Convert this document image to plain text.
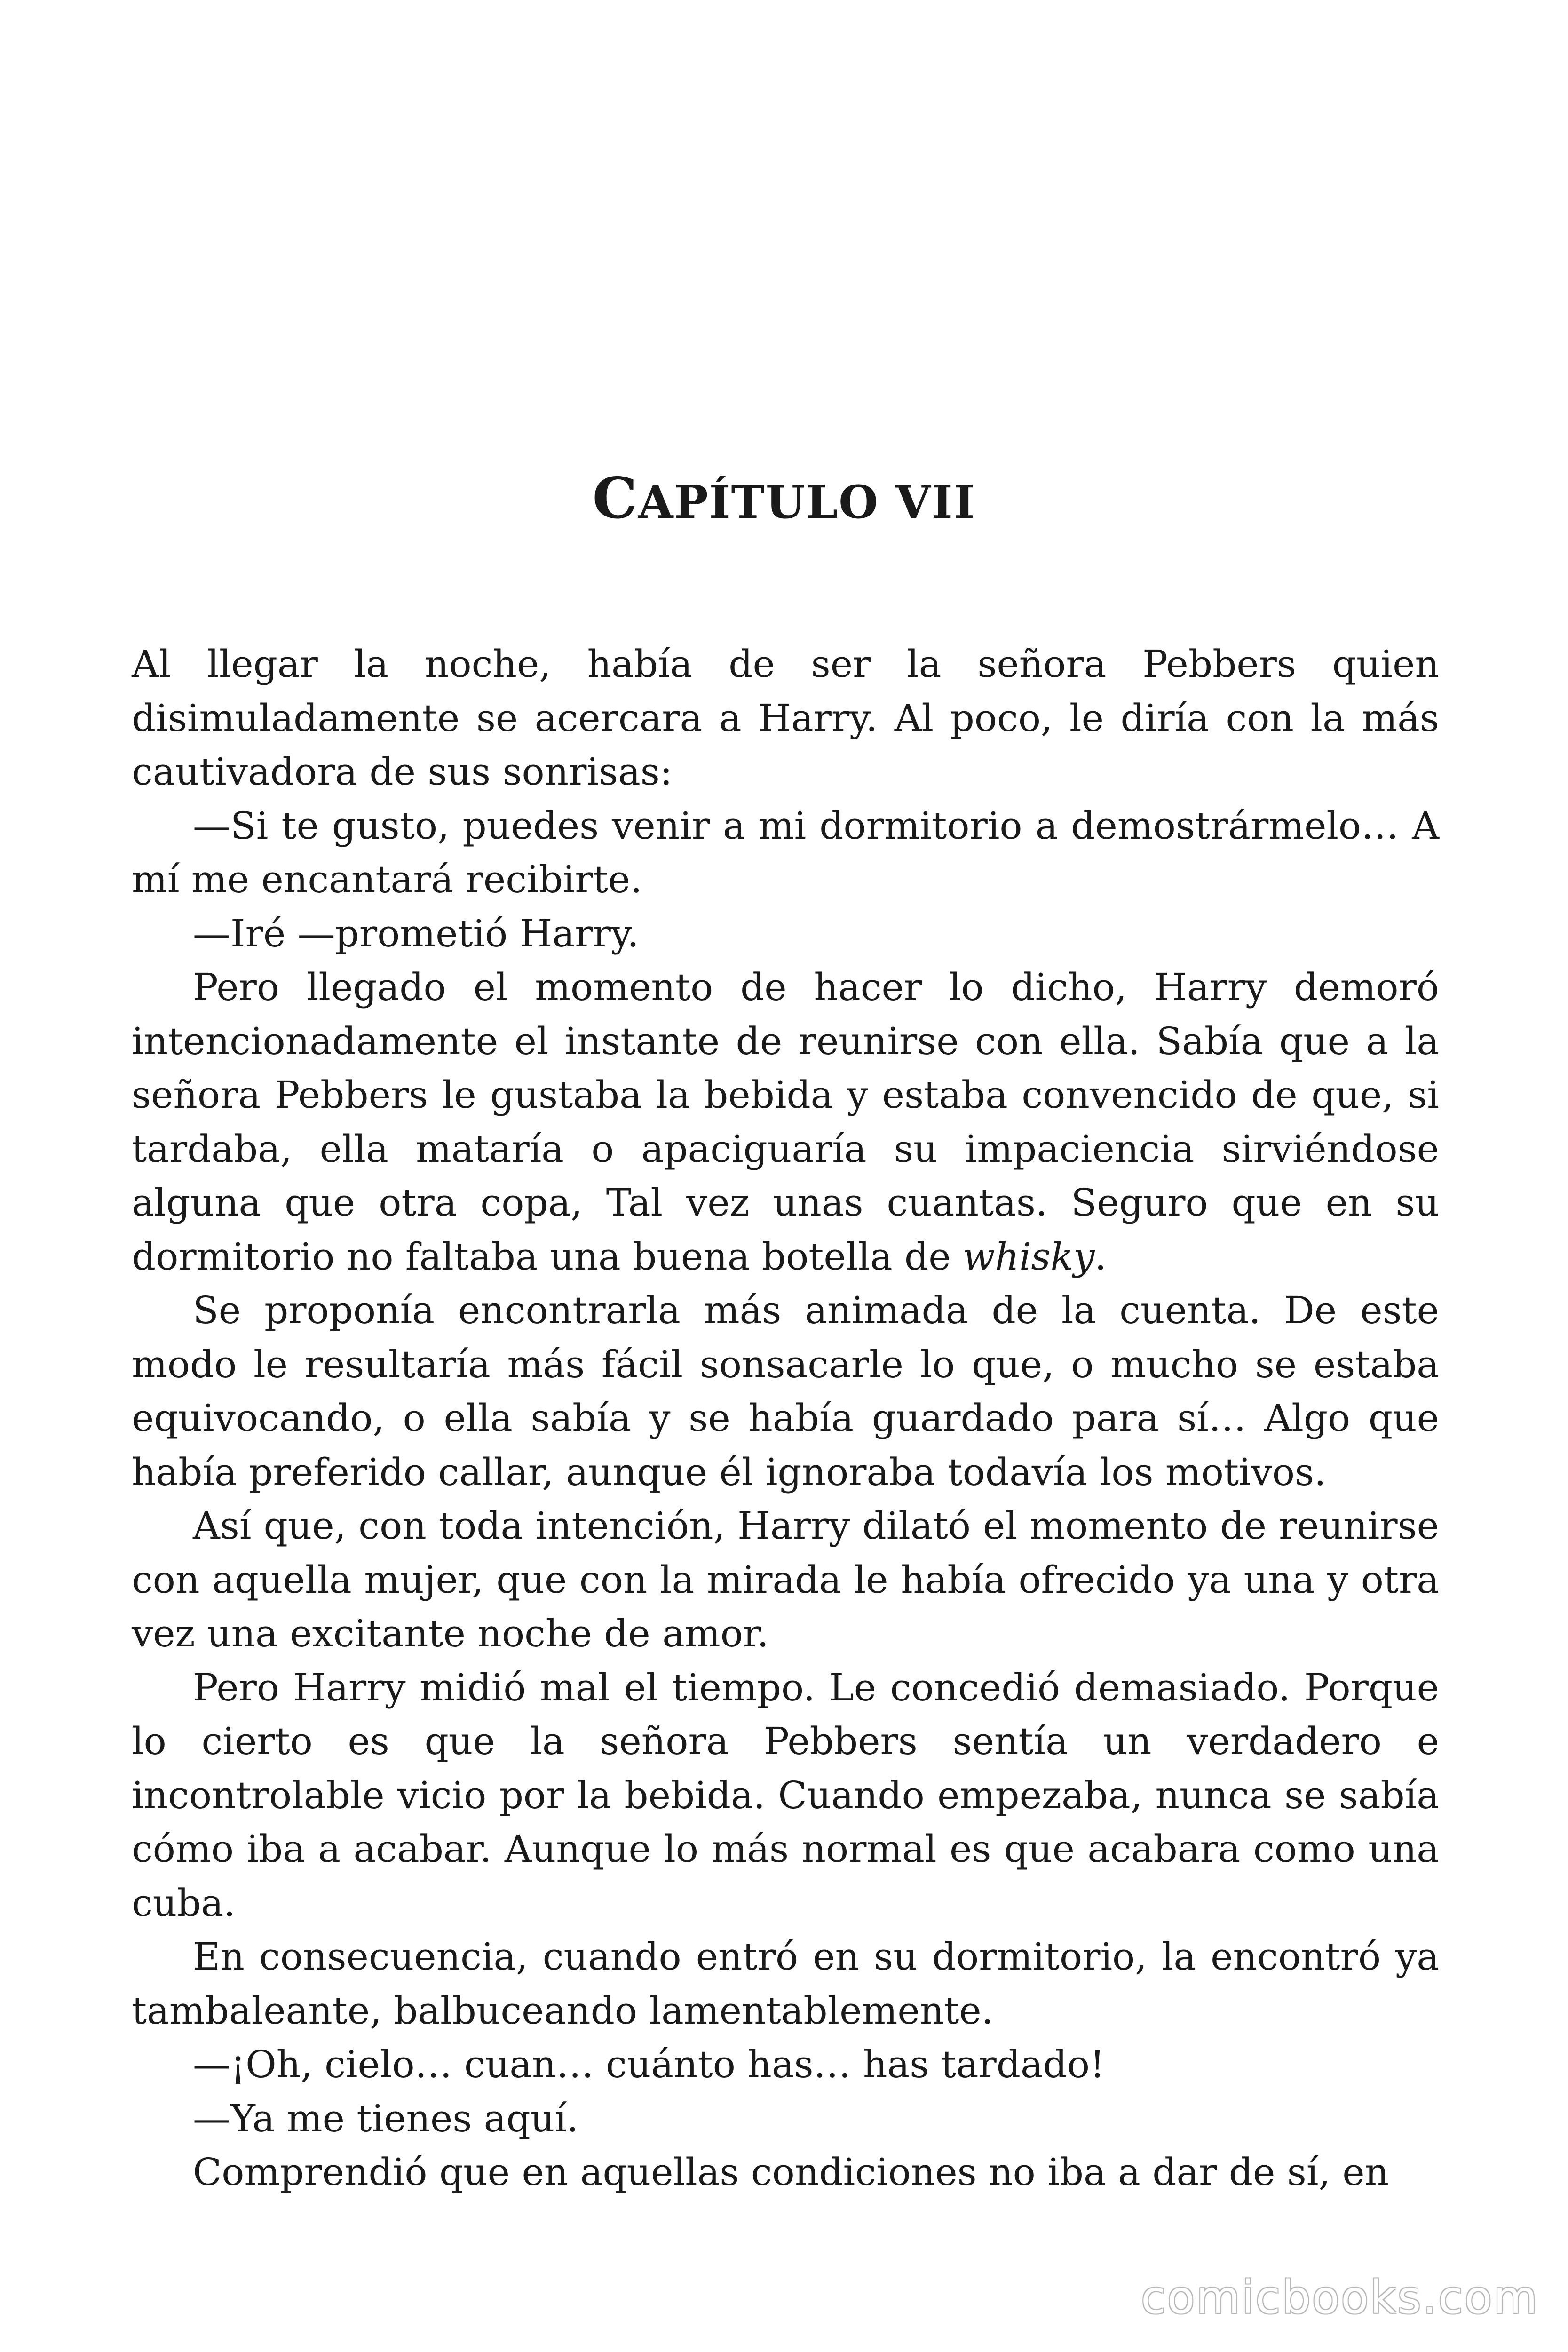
CAPÍTULO VII

Al llegar la noche, había de ser la señora Pebbers quien disimuladamente se acercara a Harry. Al poco, le diría con la más cautivadora de sus sonrisas:

—Si te gusto, puedes venir a mi dormitorio a demostrármelo… A mí me encantará recibirte.

—Iré —prometió Harry.

Pero llegado el momento de hacer lo dicho, Harry demoró intencionadamente el instante de reunirse con ella. Sabía que a la señora Pebbers le gustaba la bebida y estaba convencido de que, si tardaba, ella mataría o apaciguaría su impaciencia sirviéndose alguna que otra copa, Tal vez unas cuantas. Seguro que en su dormitorio no faltaba una buena botella de whisky.

Se proponía encontrarla más animada de la cuenta. De este modo le resultaría más fácil sonsacarle lo que, o mucho se estaba equivocando, o ella sabía y se había guardado para sí… Algo que había preferido callar, aunque él ignoraba todavía los motivos.

Así que, con toda intención, Harry dilató el momento de reunirse con aquella mujer, que con la mirada le había ofrecido ya una y otra vez una excitante noche de amor.

Pero Harry midió mal el tiempo. Le concedió demasiado. Porque lo cierto es que la señora Pebbers sentía un verdadero e incontrolable vicio por la bebida. Cuando empezaba, nunca se sabía cómo iba a acabar. Aunque lo más normal es que acabara como una cuba.

En consecuencia, cuando entró en su dormitorio, la encontró ya tambaleante, balbuceando lamentablemente.

—¡Oh, cielo… cuan… cuánto has… has tardado!

—Ya me tienes aquí.

Comprendió que en aquellas condiciones no iba a dar de sí, en

comicbooks.com
